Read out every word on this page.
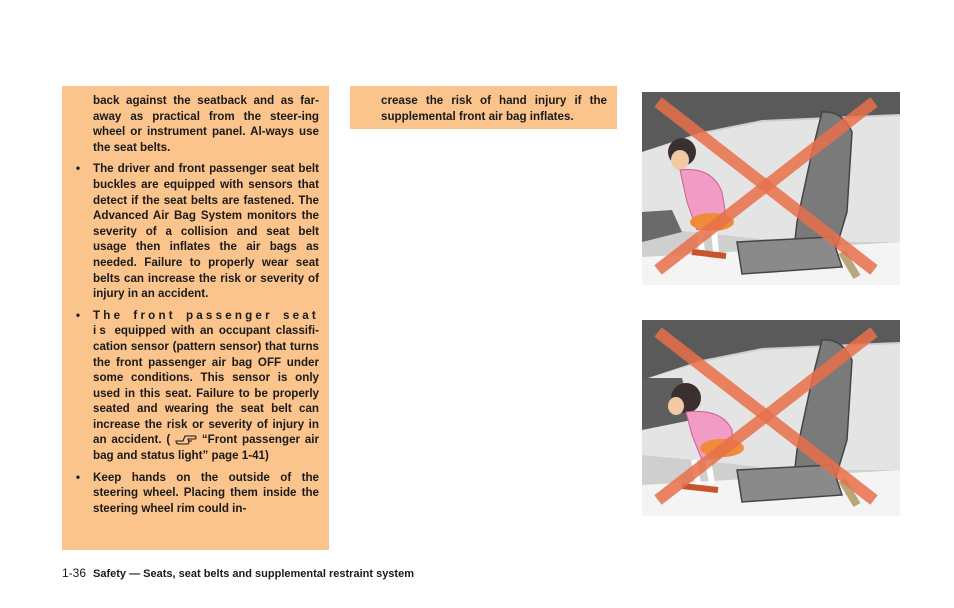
back against the seatback and as far-away as practical from the steer-ing wheel or instrument panel. Al-ways use the seat belts.

•	The driver and front passenger seat belt buckles are equipped with sensors that detect if the seat belts are fastened. The Advanced Air Bag System monitors the severity of a collision and seat belt usage then inflates the air bags as needed. Failure to properly wear seat belts can increase the risk or severity of injury in an accident.

•	The front passenger seat is equipped with an occupant classifi-cation sensor (pattern sensor) that turns the front passenger air bag OFF under some conditions. This sensor is only used in this seat. Failure to be properly seated and wearing the seat belt can increase the risk or severity of injury in an accident. (	“Front passenger air bag and status light” page 1-41)

•	Keep hands on the outside of the steering wheel. Placing them inside the steering wheel rim could in-

crease the risk of hand injury if the supplemental front air bag inflates.

1-36 Safety — Seats, seat belts and supplemental restraint system
